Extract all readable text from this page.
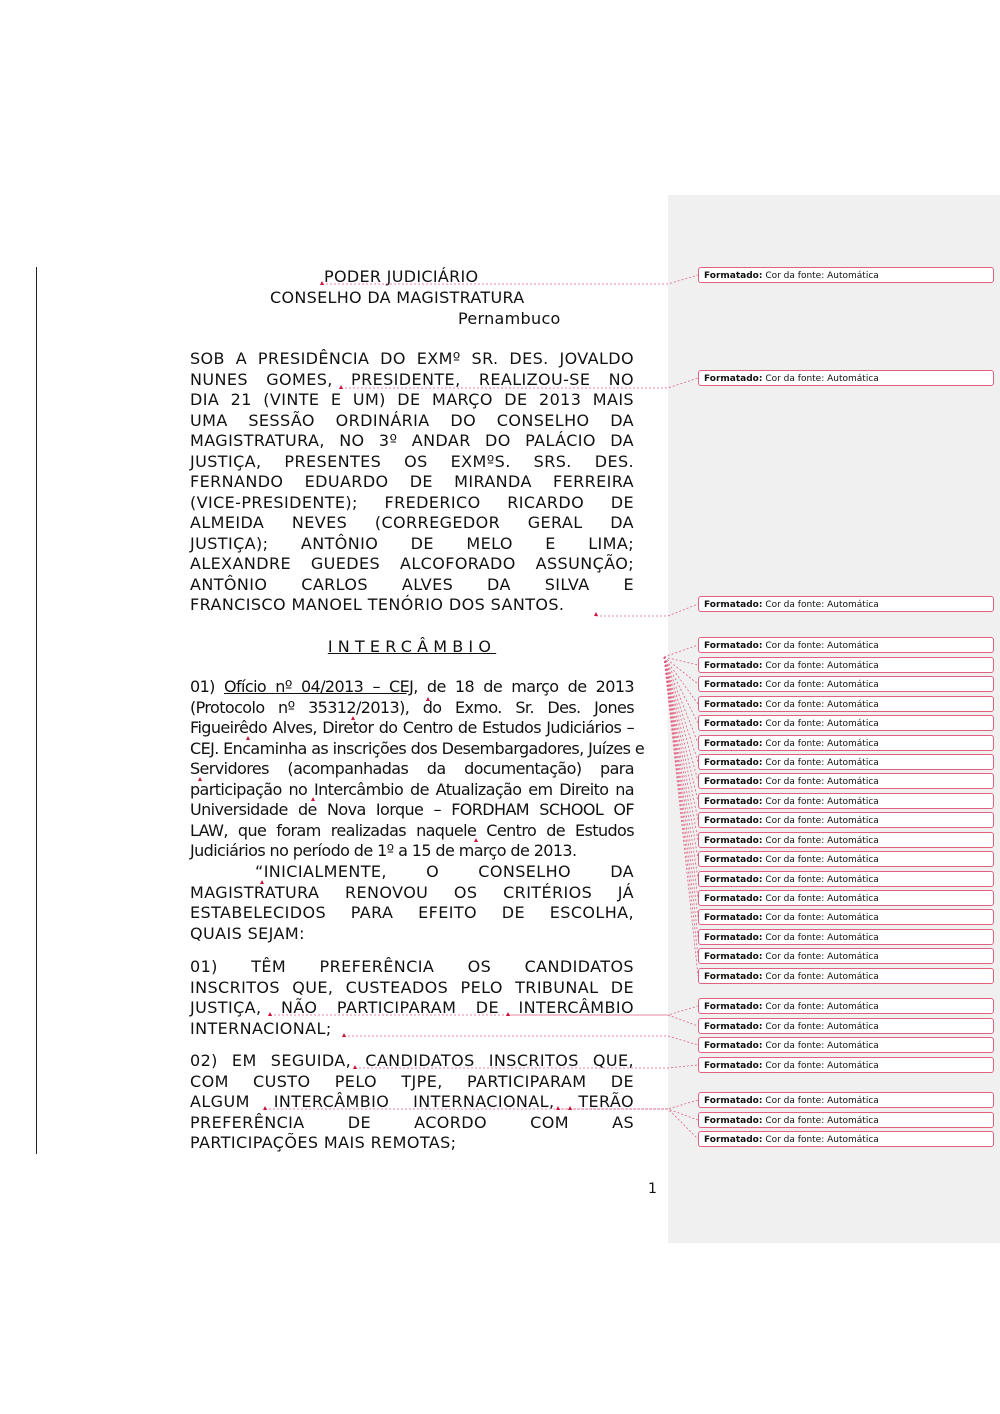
PODER JUDICIÁRIO
CONSELHO DA MAGISTRATURA
Pernambuco
SOB A PRESIDÊNCIA DO EXMº SR. DES. JOVALDO
NUNES GOMES, PRESIDENTE, REALIZOU-SE NO
DIA 21 (VINTE E UM) DE MARÇO DE 2013 MAIS
UMA SESSÃO ORDINÁRIA DO CONSELHO DA
MAGISTRATURA, NO 3º ANDAR DO PALÁCIO DA
JUSTIÇA, PRESENTES OS EXMºS. SRS. DES.
FERNANDO EDUARDO DE MIRANDA FERREIRA
(VICE-PRESIDENTE); FREDERICO RICARDO DE
ALMEIDA NEVES (CORREGEDOR GERAL DA
JUSTIÇA); ANTÔNIO DE MELO E LIMA;
ALEXANDRE GUEDES ALCOFORADO ASSUNÇÃO;
ANTÔNIO CARLOS ALVES DA SILVA E
FRANCISCO MANOEL TENÓRIO DOS SANTOS.
INTERCÂMBIO
01) Ofício nº 04/2013 – CEJ, de 18 de março de 2013
(Protocolo nº 35312/2013), do Exmo. Sr. Des. Jones
Figueirêdo Alves, Diretor do Centro de Estudos Judiciários –
CEJ. Encaminha as inscrições dos Desembargadores, Juízes e
Servidores (acompanhadas da documentação) para
participação no Intercâmbio de Atualização em Direito na
Universidade de Nova Iorque – FORDHAM SCHOOL OF
LAW, que foram realizadas naquele Centro de Estudos
Judiciários no período de 1º a 15 de março de 2013.
“INICIALMENTE, O CONSELHO DA
MAGISTRATURA RENOVOU OS CRITÉRIOS JÁ
ESTABELECIDOS PARA EFEITO DE ESCOLHA,
QUAIS SEJAM:
01) TÊM PREFERÊNCIA OS CANDIDATOS
INSCRITOS QUE, CUSTEADOS PELO TRIBUNAL DE
JUSTIÇA, NÃO PARTICIPARAM DE INTERCÂMBIO
INTERNACIONAL;
02) EM SEGUIDA, CANDIDATOS INSCRITOS QUE,
COM CUSTO PELO TJPE, PARTICIPARAM DE
ALGUM INTERCÂMBIO INTERNACIONAL, TERÃO
PREFERÊNCIA DE ACORDO COM AS
PARTICIPAÇÕES MAIS REMOTAS;
1
Formatado: Cor da fonte: Automática
Formatado: Cor da fonte: Automática
Formatado: Cor da fonte: Automática
Formatado: Cor da fonte: Automática
Formatado: Cor da fonte: Automática
Formatado: Cor da fonte: Automática
Formatado: Cor da fonte: Automática
Formatado: Cor da fonte: Automática
Formatado: Cor da fonte: Automática
Formatado: Cor da fonte: Automática
Formatado: Cor da fonte: Automática
Formatado: Cor da fonte: Automática
Formatado: Cor da fonte: Automática
Formatado: Cor da fonte: Automática
Formatado: Cor da fonte: Automática
Formatado: Cor da fonte: Automática
Formatado: Cor da fonte: Automática
Formatado: Cor da fonte: Automática
Formatado: Cor da fonte: Automática
Formatado: Cor da fonte: Automática
Formatado: Cor da fonte: Automática
Formatado: Cor da fonte: Automática
Formatado: Cor da fonte: Automática
Formatado: Cor da fonte: Automática
Formatado: Cor da fonte: Automática
Formatado: Cor da fonte: Automática
Formatado: Cor da fonte: Automática
Formatado: Cor da fonte: Automática
